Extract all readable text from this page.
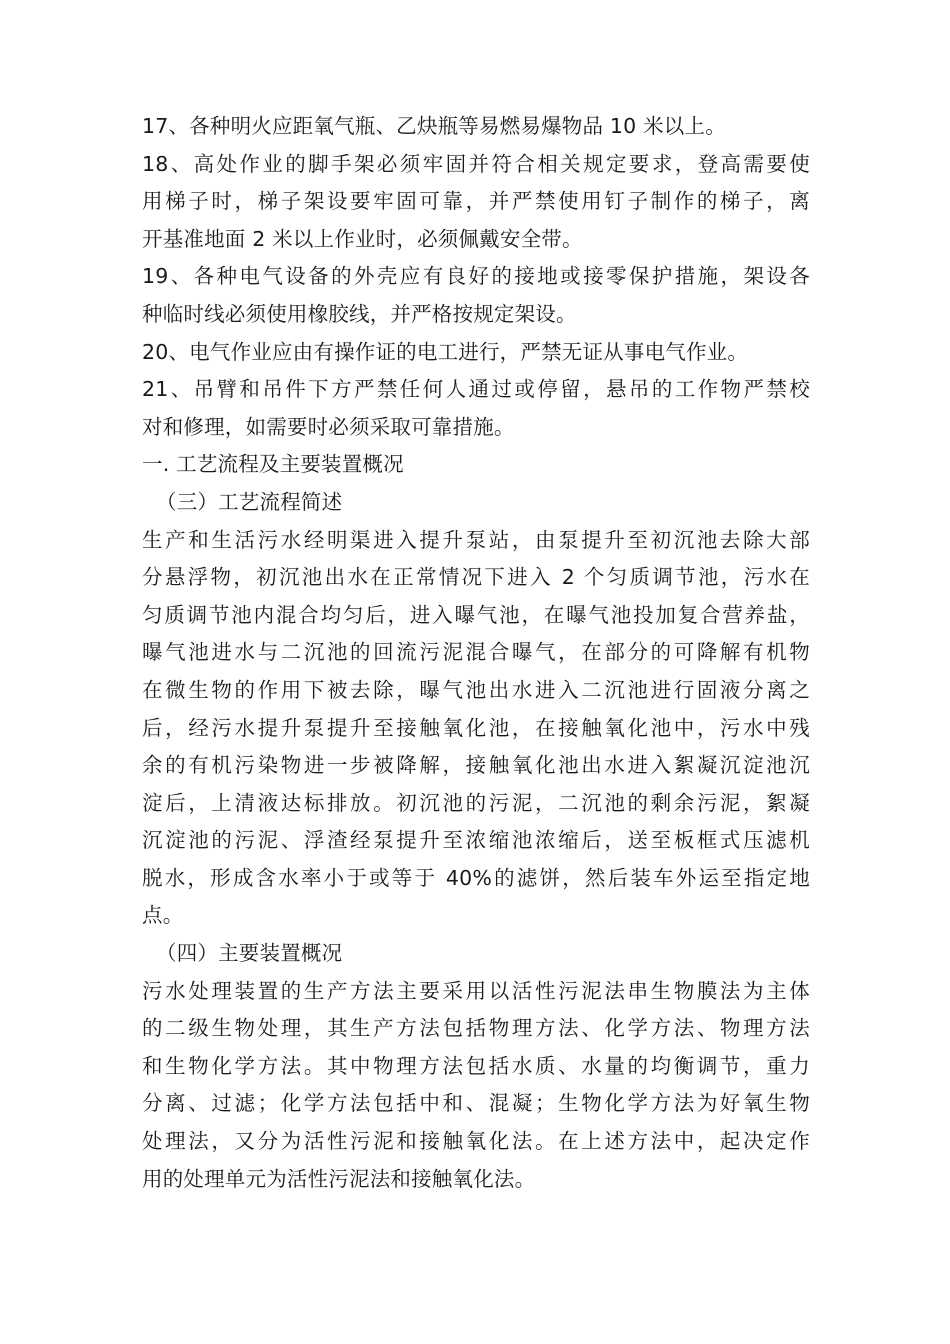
17、各种明火应距氧气瓶、乙炔瓶等易燃易爆物品 10 米以上。
18、高处作业的脚手架必须牢固并符合相关规定要求，登高需要使
用梯子时，梯子架设要牢固可靠，并严禁使用钉子制作的梯子，离
开基准地面 2 米以上作业时，必须佩戴安全带。
19、各种电气设备的外壳应有良好的接地或接零保护措施，架设各
种临时线必须使用橡胶线，并严格按规定架设。
20、电气作业应由有操作证的电工进行，严禁无证从事电气作业。
21、吊臂和吊件下方严禁任何人通过或停留，悬吊的工作物严禁校
对和修理，如需要时必须采取可靠措施。
一. 工艺流程及主要装置概况
（三）工艺流程简述
生产和生活污水经明渠进入提升泵站，由泵提升至初沉池去除大部
分悬浮物，初沉池出水在正常情况下进入 2 个匀质调节池，污水在
匀质调节池内混合均匀后，进入曝气池，在曝气池投加复合营养盐，
曝气池进水与二沉池的回流污泥混合曝气，在部分的可降解有机物
在微生物的作用下被去除，曝气池出水进入二沉池进行固液分离之
后，经污水提升泵提升至接触氧化池，在接触氧化池中，污水中残
余的有机污染物进一步被降解，接触氧化池出水进入絮凝沉淀池沉
淀后，上清液达标排放。初沉池的污泥，二沉池的剩余污泥，絮凝
沉淀池的污泥、浮渣经泵提升至浓缩池浓缩后，送至板框式压滤机
脱水，形成含水率小于或等于 40%的滤饼，然后装车外运至指定地
点。
（四）主要装置概况
污水处理装置的生产方法主要采用以活性污泥法串生物膜法为主体
的二级生物处理，其生产方法包括物理方法、化学方法、物理方法
和生物化学方法。其中物理方法包括水质、水量的均衡调节，重力
分离、过滤；化学方法包括中和、混凝；生物化学方法为好氧生物
处理法，又分为活性污泥和接触氧化法。在上述方法中，起决定作
用的处理单元为活性污泥法和接触氧化法。
